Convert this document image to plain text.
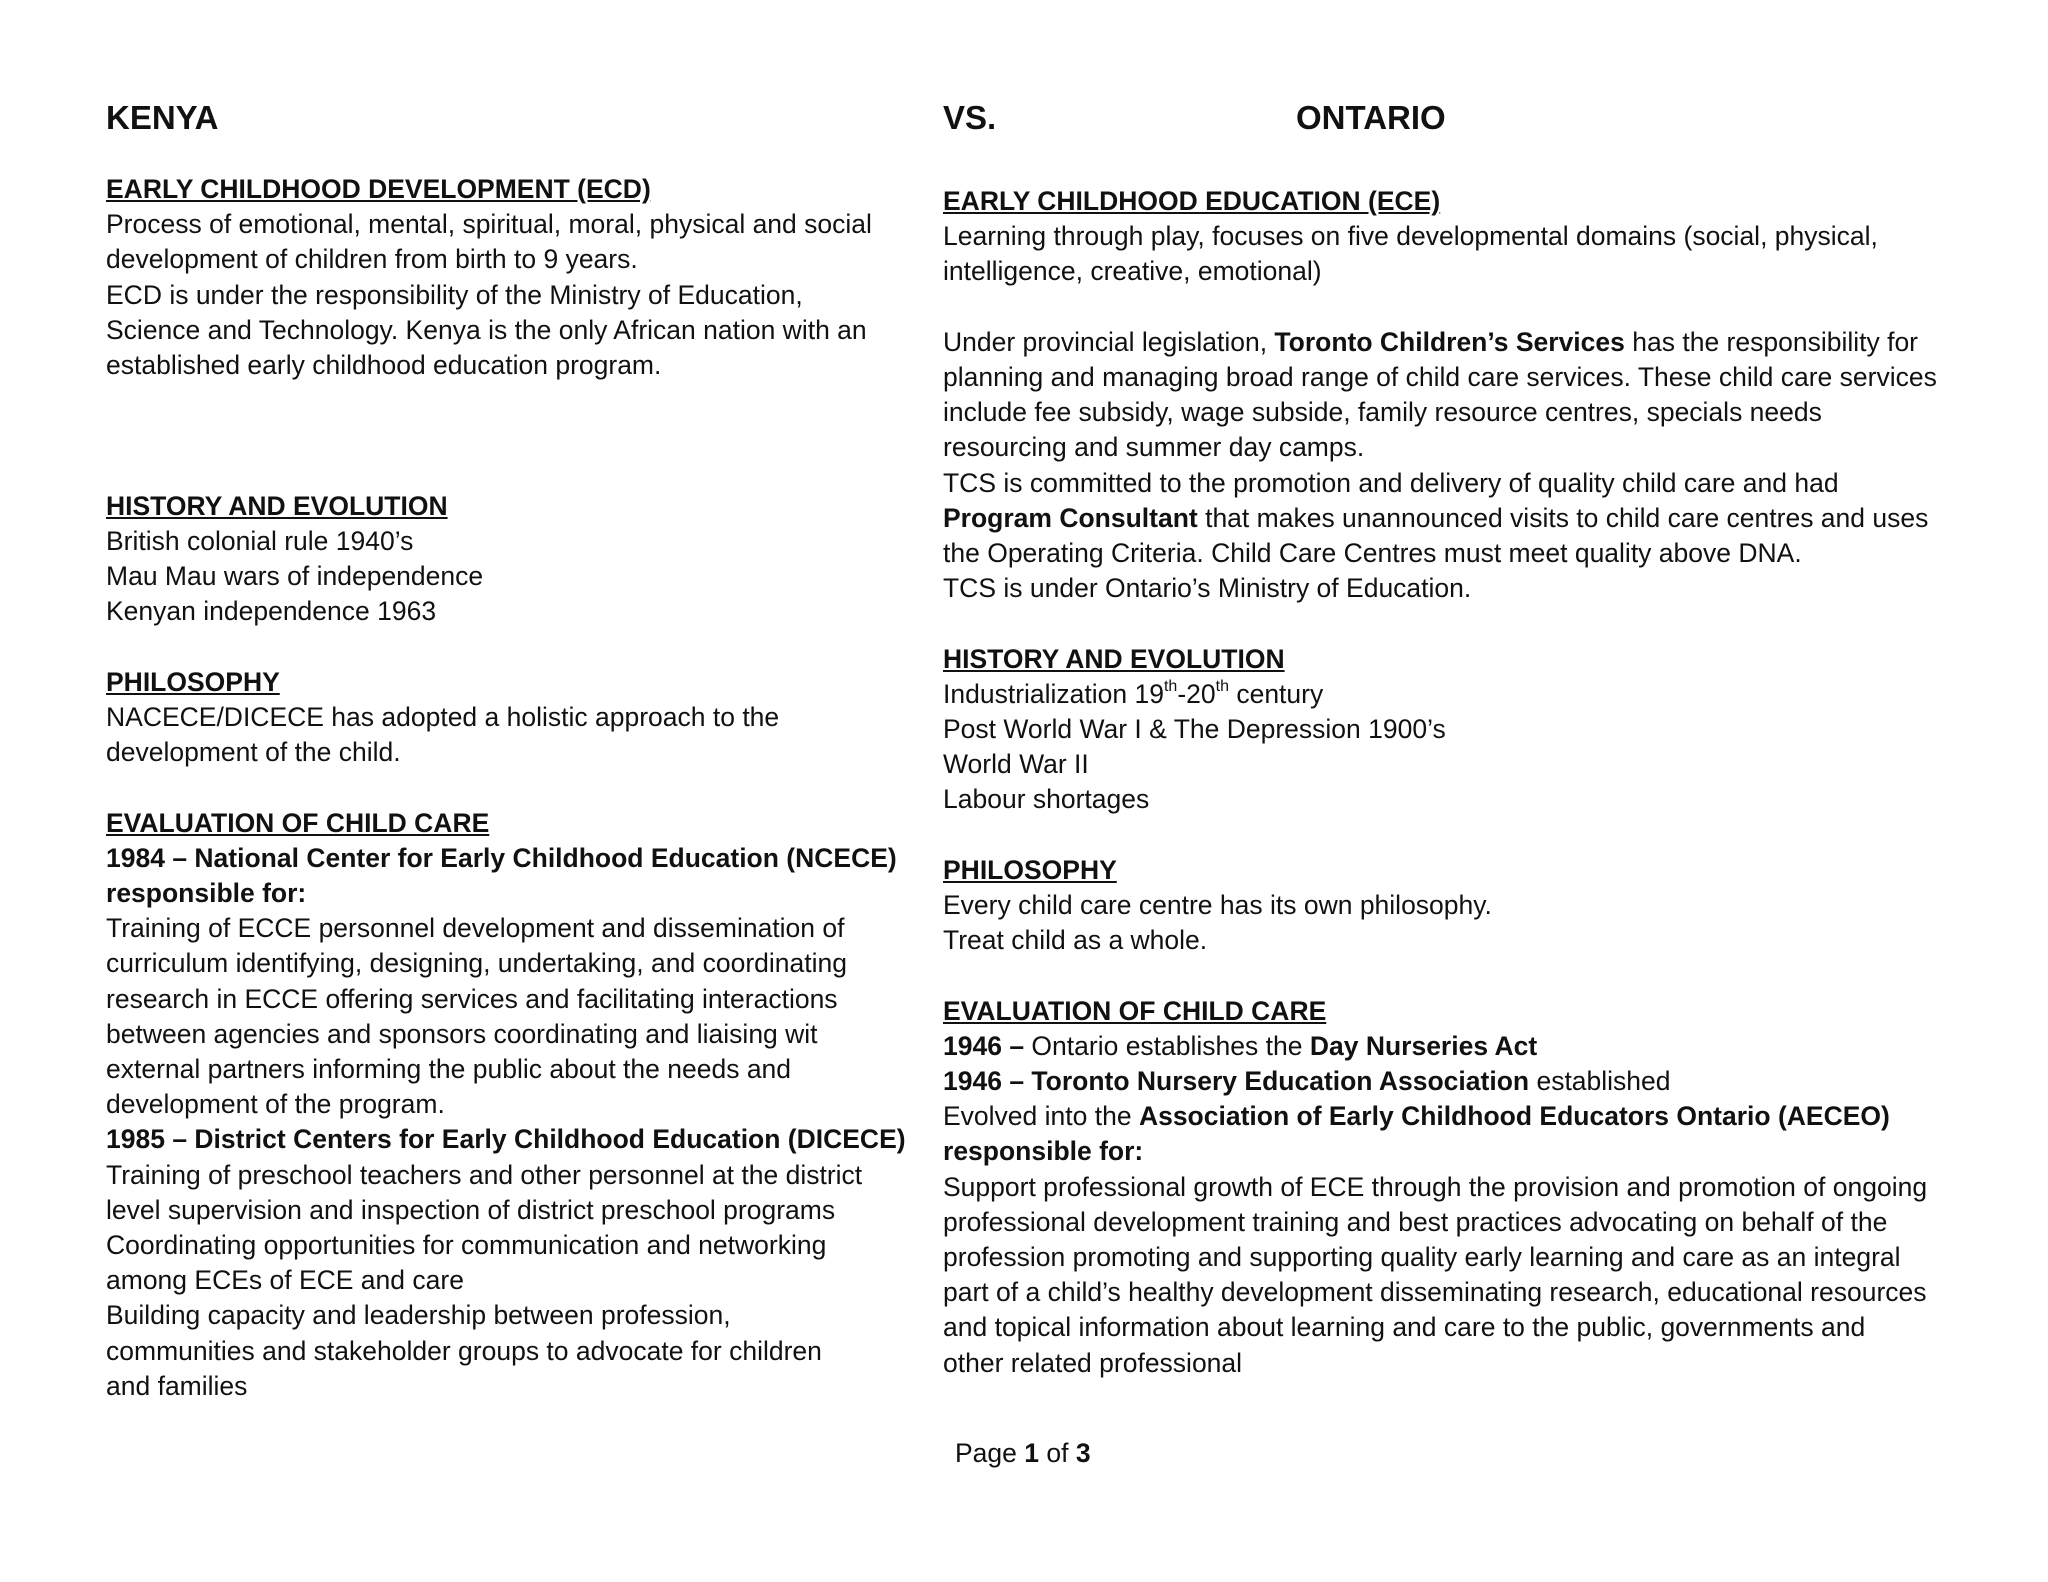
KENYA	VS.	ONTARIO

EARLY CHILDHOOD DEVELOPMENT (ECD)

Process of emotional, mental, spiritual, moral, physical and social

development of children from birth to 9 years.

ECD is under the responsibility of the Ministry of Education,

Science and Technology. Kenya is the only African nation with an

established early childhood education program.

HISTORY AND EVOLUTION

British colonial rule 1940’s

Mau Mau wars of independence

Kenyan independence 1963

PHILOSOPHY

NACECE/DICECE has adopted a holistic approach to the

development of the child.

EVALUATION OF CHILD CARE

1984 – National Center for Early Childhood Education (NCECE)

responsible for:

Training of ECCE personnel development and dissemination of

curriculum identifying, designing, undertaking, and coordinating

research in ECCE offering services and facilitating interactions

between agencies and sponsors coordinating and liaising wit

external partners informing the public about the needs and

development of the program.

1985 – District Centers for Early Childhood Education (DICECE)

Training of preschool teachers and other personnel at the district

level supervision and inspection of district preschool programs

Coordinating opportunities for communication and networking

among ECEs of ECE and care

Building capacity and leadership between profession,

communities and stakeholder groups to advocate for children

and families

EARLY CHILDHOOD EDUCATION (ECE)

Learning through play, focuses on five developmental domains (social, physical,

intelligence, creative, emotional)

Under provincial legislation, Toronto Children’s Services has the responsibility for

planning and managing broad range of child care services. These child care services

include fee subsidy, wage subside, family resource centres, specials needs

resourcing and summer day camps.

TCS is committed to the promotion and delivery of quality child care and had

Program Consultant that makes unannounced visits to child care centres and uses

the Operating Criteria. Child Care Centres must meet quality above DNA.

TCS is under Ontario’s Ministry of Education.

HISTORY AND EVOLUTION

Industrialization 19th-20th century

Post World War I & The Depression 1900’s

World War II

Labour shortages

PHILOSOPHY

Every child care centre has its own philosophy.

Treat child as a whole.

EVALUATION OF CHILD CARE

1946 – Ontario establishes the Day Nurseries Act

1946 – Toronto Nursery Education Association established

Evolved into the Association of Early Childhood Educators Ontario (AECEO)

responsible for:

Support professional growth of ECE through the provision and promotion of ongoing

professional development training and best practices advocating on behalf of the

profession promoting and supporting quality early learning and care as an integral

part of a child’s healthy development disseminating research, educational resources

and topical information about learning and care to the public, governments and

other related professional

Page 1 of 3
